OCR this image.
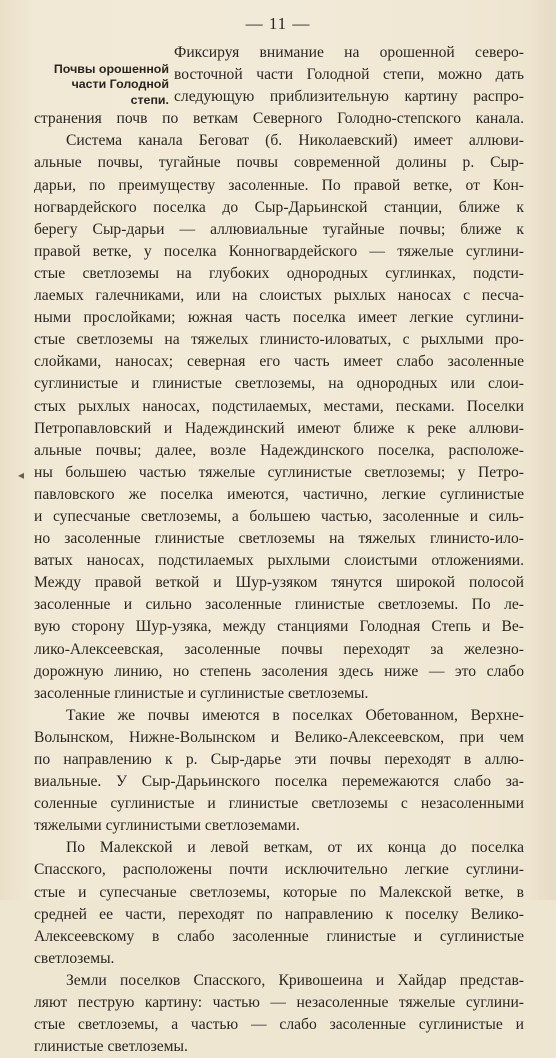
— 11 —
Почвы орошенной
части Голодной
степи.
Фиксируя внимание на орошенной северо-
восточной части Голодной степи, можно дать
следующую приблизительную картину распро-
странения почв по веткам Северного Голодно-степского канала.
Система канала Беговат (б. Николаевский) имеет аллюви-
альные почвы, тугайные почвы современной долины р. Сыр-
дарьи, по преимуществу засоленные. По правой ветке, от Кон-
ногвардейского поселка до Сыр-Дарьинской станции, ближе к
берегу Сыр-дарьи — аллювиальные тугайные почвы; ближе к
правой ветке, у поселка Конногвардейского — тяжелые суглини-
стые светлоземы на глубоких однородных суглинках, подсти-
лаемых галечниками, или на слоистых рыхлых наносах с песча-
ными прослойками; южная часть поселка имеет легкие суглини-
стые светлоземы на тяжелых глинисто-иловатых, с рыхлыми про-
слойками, наносах; северная его часть имеет слабо засоленные
суглинистые и глинистые светлоземы, на однородных или слои-
стых рыхлых наносах, подстилаемых, местами, песками. Поселки
Петропавловский и Надеждинский имеют ближе к реке аллюви-
альные почвы; далее, возле Надеждинского поселка, расположе-
ны большею частью тяжелые суглинистые светлоземы; у Петро-
павловского же поселка имеются, частично, легкие суглинистые
и супесчаные светлоземы, а большею частью, засоленные и силь-
но засоленные глинистые светлоземы на тяжелых глинисто-ило-
ватых наносах, подстилаемых рыхлыми слоистыми отложениями.
Между правой веткой и Шур-узяком тянутся широкой полосой
засоленные и сильно засоленные глинистые светлоземы. По ле-
вую сторону Шур-узяка, между станциями Голодная Степь и Ве-
лико-Алексеевская, засоленные почвы переходят за железно-
дорожную линию, но степень засоления здесь ниже — это слабо
засоленные глинистые и суглинистые светлоземы.
Такие же почвы имеются в поселках Обетованном, Верхне-
Волынском, Нижне-Волынском и Велико-Алексеевском, при чем
по направлению к р. Сыр-дарье эти почвы переходят в аллю-
виальные. У Сыр-Дарьинского поселка перемежаются слабо за-
соленные суглинистые и глинистые светлоземы с незасоленными
тяжелыми суглинистыми светлоземами.
По Малекской и левой веткам, от их конца до поселка
Спасского, расположены почти исключительно легкие суглини-
стые и супесчаные светлоземы, которые по Малекской ветке, в
средней ее части, переходят по направлению к поселку Велико-
Алексеевскому в слабо засоленные глинистые и суглинистые
светлоземы.
Земли поселков Спасского, Кривошеина и Хайдар представ-
ляют пеструю картину: частью — незасоленные тяжелые суглини-
стые светлоземы, а частью — слабо засоленные суглинистые и
глинистые светлоземы.
◂
